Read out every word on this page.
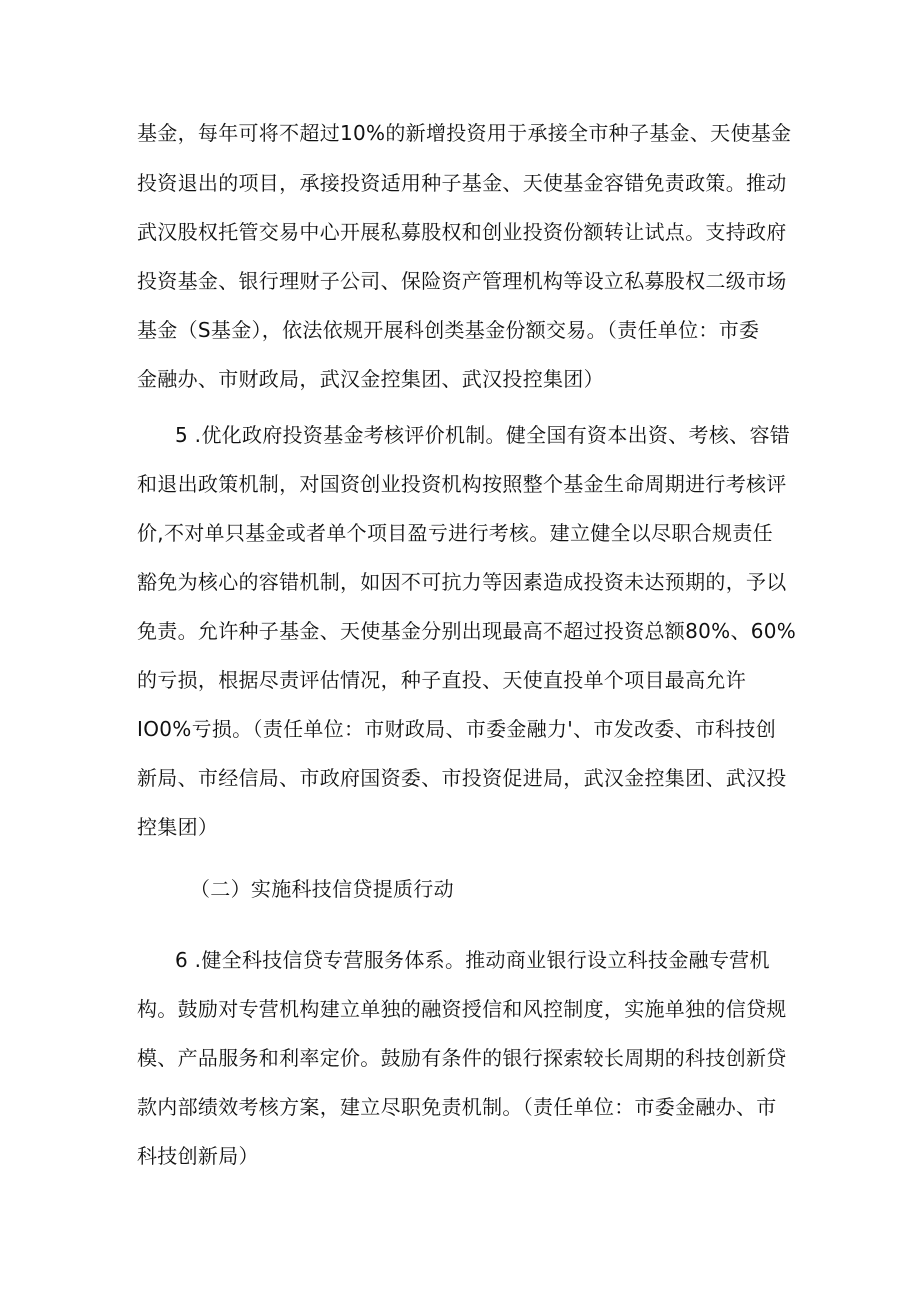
基金，每年可将不超过10%的新增投资用于承接全市种子基金、天使基金
投资退出的项目，承接投资适用种子基金、天使基金容错免责政策。推动
武汉股权托管交易中心开展私募股权和创业投资份额转让试点。支持政府
投资基金、银行理财子公司、保险资产管理机构等设立私募股权二级市场
基金（S基金），依法依规开展科创类基金份额交易。（责任单位：市委
金融办、市财政局，武汉金控集团、武汉投控集团）
5 .优化政府投资基金考核评价机制。健全国有资本出资、考核、容错
和退出政策机制，对国资创业投资机构按照整个基金生命周期进行考核评
价,不对单只基金或者单个项目盈亏进行考核。建立健全以尽职合规责任
豁免为核心的容错机制，如因不可抗力等因素造成投资未达预期的，予以
免责。允许种子基金、天使基金分别出现最高不超过投资总额80%、60%
的亏损，根据尽责评估情况，种子直投、天使直投单个项目最高允许
IO0%亏损。（责任单位：市财政局、市委金融力'、市发改委、市科技创
新局、市经信局、市政府国资委、市投资促进局，武汉金控集团、武汉投
控集团）
（二）实施科技信贷提质行动
6 .健全科技信贷专营服务体系。推动商业银行设立科技金融专营机
构。鼓励对专营机构建立单独的融资授信和风控制度，实施单独的信贷规
模、产品服务和利率定价。鼓励有条件的银行探索较长周期的科技创新贷
款内部绩效考核方案，建立尽职免责机制。（责任单位：市委金融办、市
科技创新局）
